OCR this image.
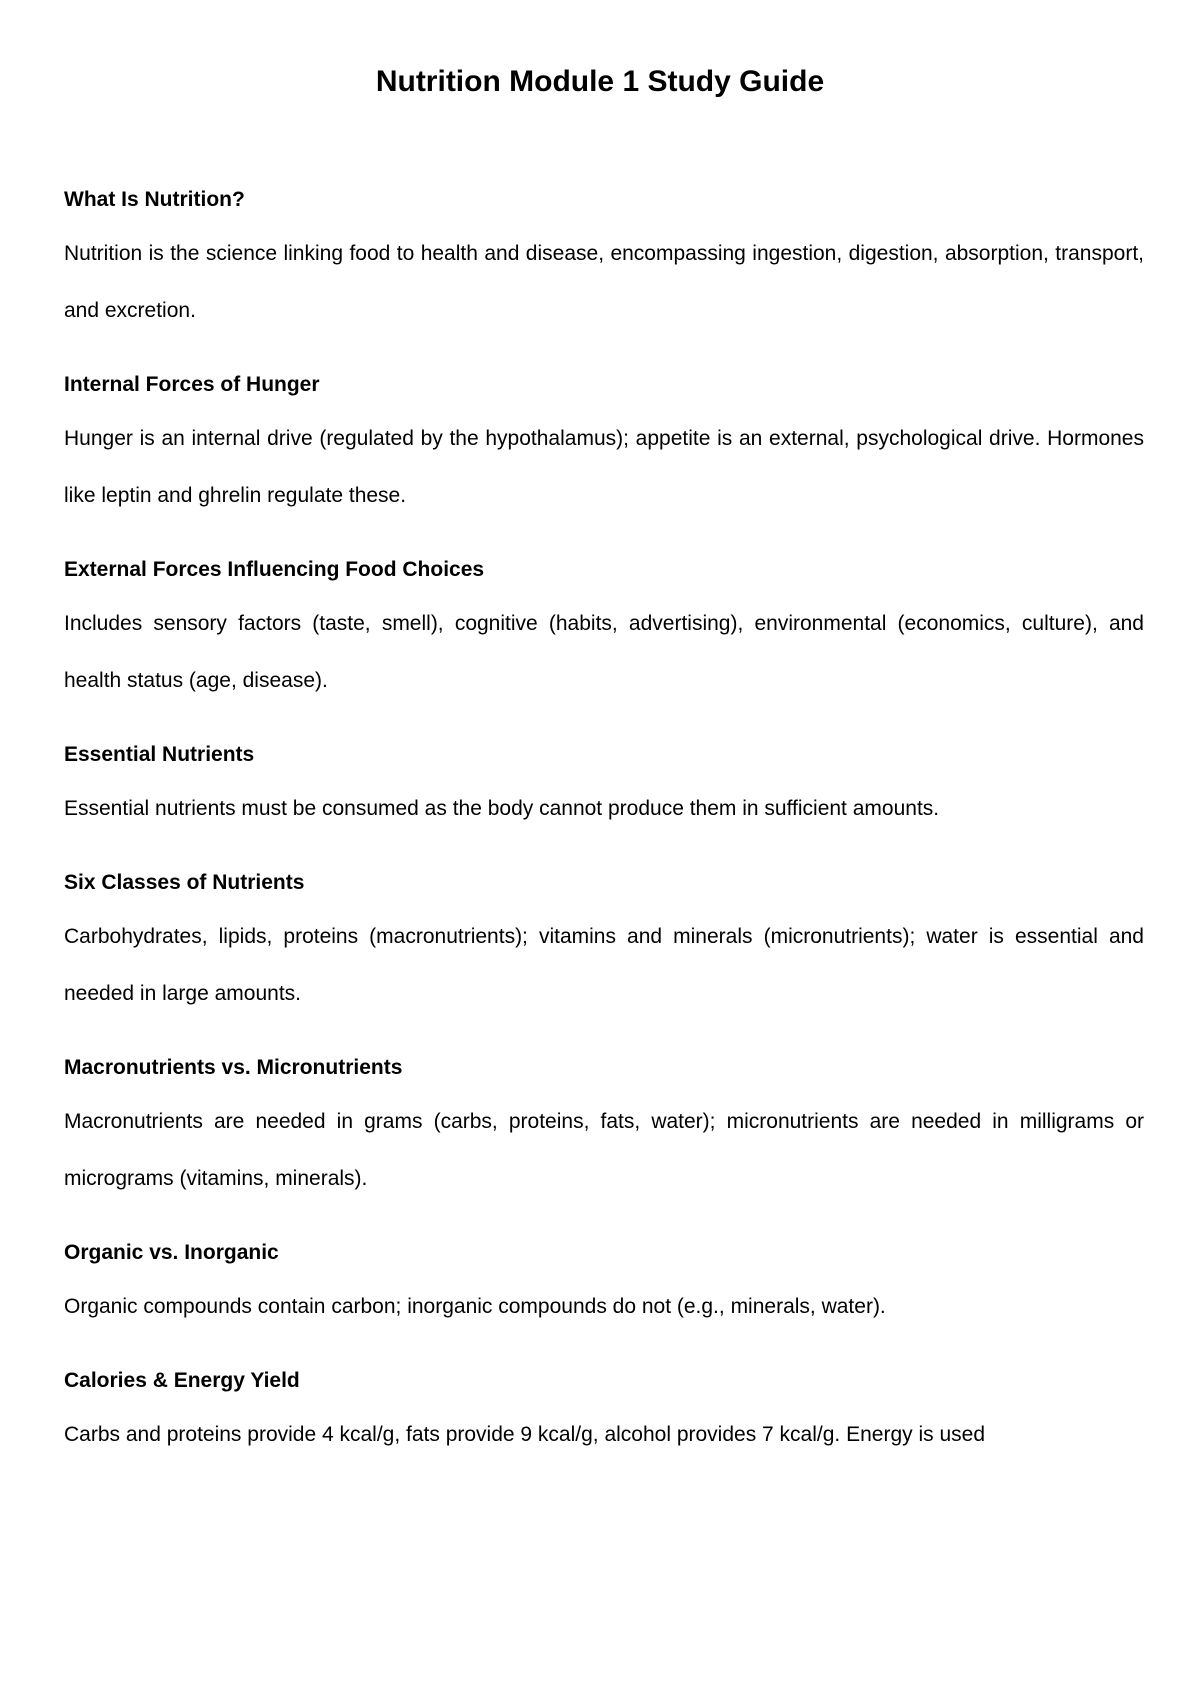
Nutrition Module 1 Study Guide
What Is Nutrition?

Nutrition is the science linking food to health and disease, encompassing ingestion, digestion, absorption, transport, and excretion.

Internal Forces of Hunger

Hunger is an internal drive (regulated by the hypothalamus); appetite is an external, psychological drive. Hormones like leptin and ghrelin regulate these.

External Forces Influencing Food Choices

Includes sensory factors (taste, smell), cognitive (habits, advertising), environmental (economics, culture), and health status (age, disease).

Essential Nutrients

Essential nutrients must be consumed as the body cannot produce them in sufficient amounts.

Six Classes of Nutrients

Carbohydrates, lipids, proteins (macronutrients); vitamins and minerals (micronutrients); water is essential and needed in large amounts.

Macronutrients vs. Micronutrients

Macronutrients are needed in grams (carbs, proteins, fats, water); micronutrients are needed in milligrams or micrograms (vitamins, minerals).

Organic vs. Inorganic

Organic compounds contain carbon; inorganic compounds do not (e.g., minerals, water).

Calories & Energy Yield

Carbs and proteins provide 4 kcal/g, fats provide 9 kcal/g, alcohol provides 7 kcal/g. Energy is used
